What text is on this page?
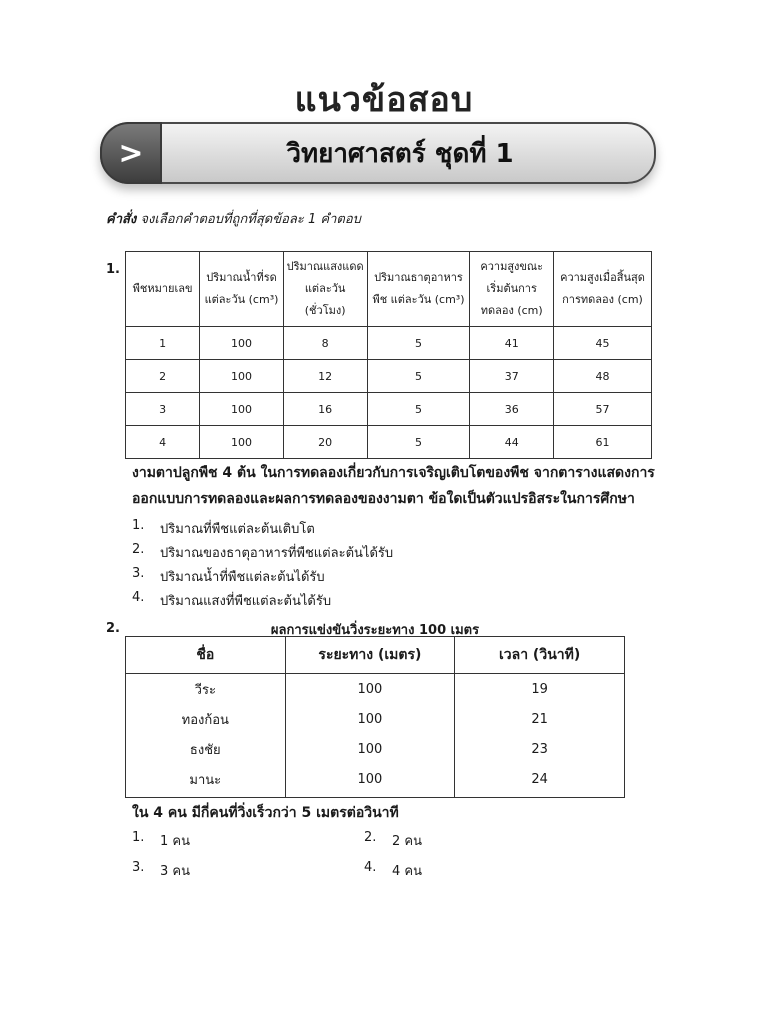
แนวข้อสอบ
>	วิทยาศาสตร์ ชุดที่ 1
คำสั่ง จงเลือกคำตอบที่ถูกที่สุดข้อละ 1 คำตอบ
1.
พืชหมายเลข	ปริมาณน้ำที่รด แต่ละวัน (cm³)	ปริมาณแสงแดด แต่ละวัน (ชั่วโมง)	ปริมาณธาตุอาหารพืช แต่ละวัน (cm³)	ความสูงขณะ เริ่มต้นการ ทดลอง (cm)	ความสูงเมื่อสิ้นสุด การทดลอง (cm)
1	100	8	5	41	45
2	100	12	5	37	48
3	100	16	5	36	57
4	100	20	5	44	61
งามตาปลูกพืช 4 ต้น ในการทดลองเกี่ยวกับการเจริญเติบโตของพืช จากตารางแสดงการ
ออกแบบการทดลองและผลการทดลองของงามตา ข้อใดเป็นตัวแปรอิสระในการศึกษา
1.	ปริมาณที่พืชแต่ละต้นเติบโต
2.	ปริมาณของธาตุอาหารที่พืชแต่ละต้นได้รับ
3.	ปริมาณน้ำที่พืชแต่ละต้นได้รับ
4.	ปริมาณแสงที่พืชแต่ละต้นได้รับ
2.	ผลการแข่งขันวิ่งระยะทาง 100 เมตร
ชื่อ	ระยะทาง (เมตร)	เวลา (วินาที)
วีระ	100	19
ทองก้อน	100	21
ธงชัย	100	23
มานะ	100	24
ใน 4 คน มีกี่คนที่วิ่งเร็วกว่า 5 เมตรต่อวินาที
1.	1 คน	2.	2 คน
3.	3 คน	4.	4 คน
